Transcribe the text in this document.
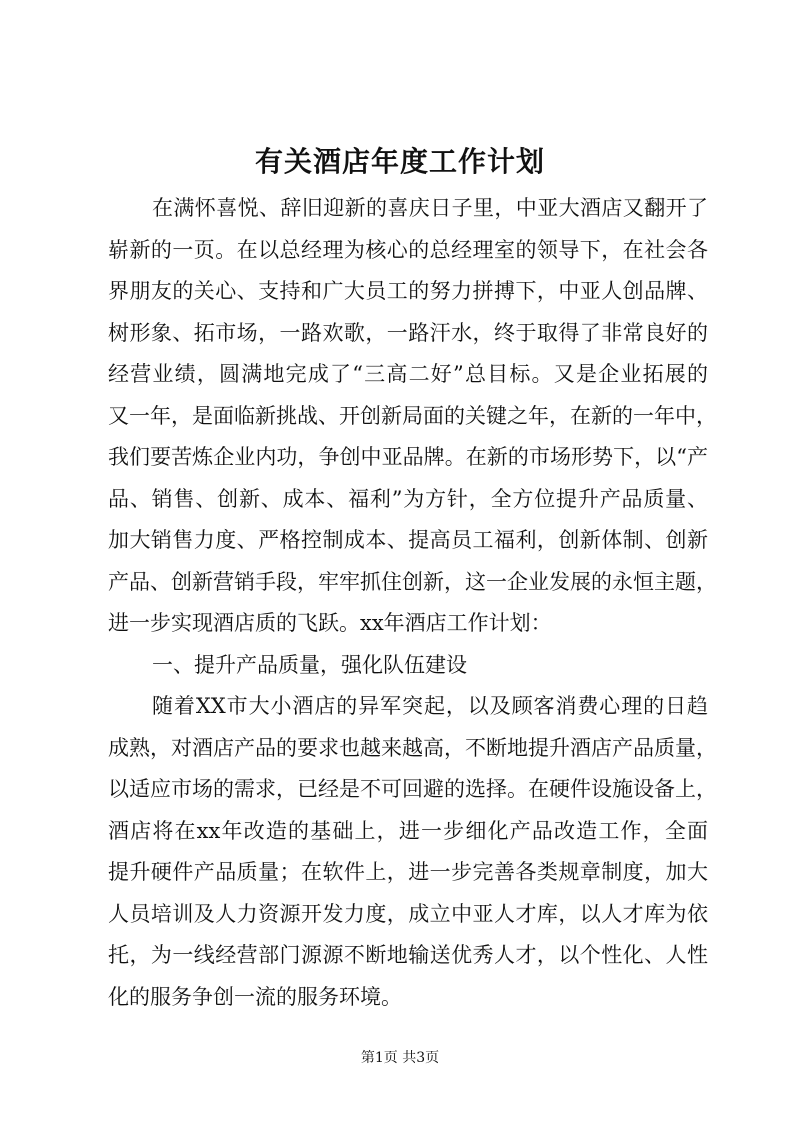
有关酒店年度工作计划
在满怀喜悦、辞旧迎新的喜庆日子里，中亚大酒店又翻开了
崭新的一页。在以总经理为核心的总经理室的领导下，在社会各
界朋友的关心、支持和广大员工的努力拼搏下，中亚人创品牌、
树形象、拓市场，一路欢歌，一路汗水，终于取得了非常良好的
经营业绩，圆满地完成了“三高二好”总目标。又是企业拓展的
又一年，是面临新挑战、开创新局面的关键之年，在新的一年中，
我们要苦炼企业内功，争创中亚品牌。在新的市场形势下，以“产
品、销售、创新、成本、福利”为方针，全方位提升产品质量、
加大销售力度、严格控制成本、提高员工福利，创新体制、创新
产品、创新营销手段，牢牢抓住创新，这一企业发展的永恒主题，
进一步实现酒店质的飞跃。xx年酒店工作计划：
一、提升产品质量，强化队伍建设
随着XX市大小酒店的异军突起，以及顾客消费心理的日趋
成熟，对酒店产品的要求也越来越高，不断地提升酒店产品质量，
以适应市场的需求，已经是不可回避的选择。在硬件设施设备上，
酒店将在xx年改造的基础上，进一步细化产品改造工作，全面
提升硬件产品质量；在软件上，进一步完善各类规章制度，加大
人员培训及人力资源开发力度，成立中亚人才库，以人才库为依
托，为一线经营部门源源不断地输送优秀人才，以个性化、人性
化的服务争创一流的服务环境。
第1页 共3页
